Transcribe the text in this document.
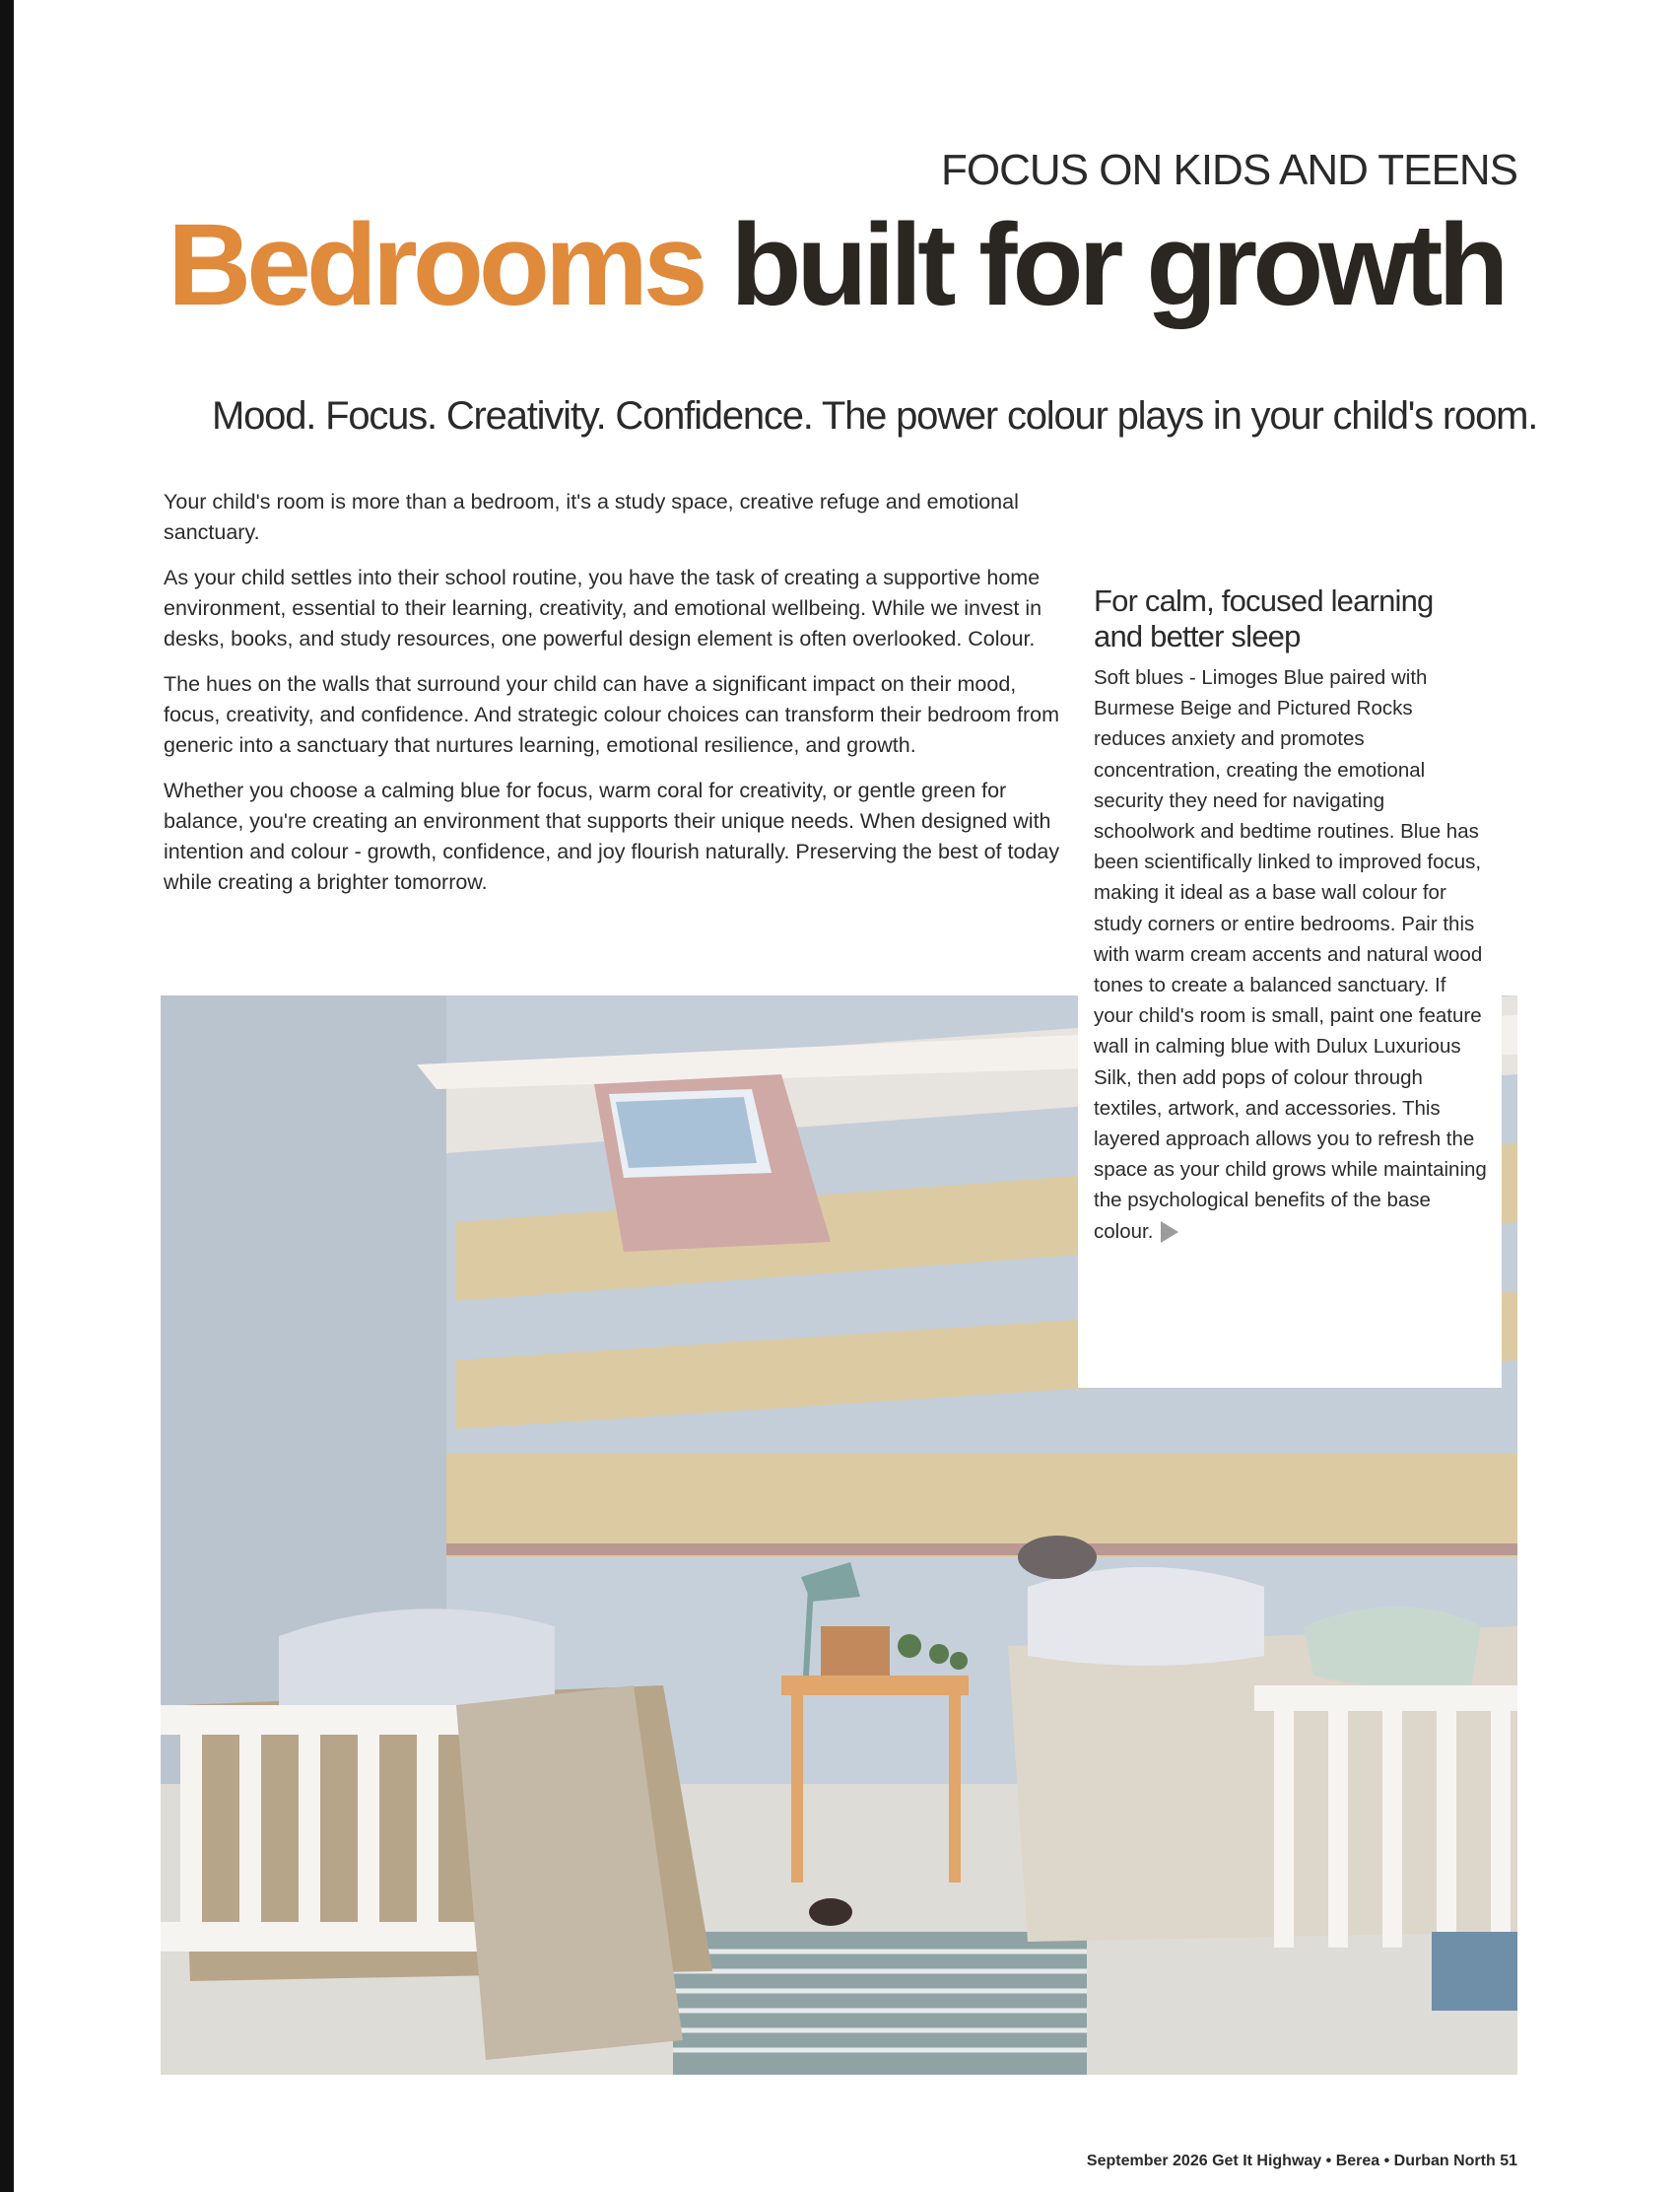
FOCUS ON KIDS AND TEENS
Bedrooms built for growth

Mood. Focus. Creativity. Confidence. The power colour plays in your child's room.

Your child's room is more than a bedroom, it's a study space, creative refuge and emotional sanctuary.

As your child settles into their school routine, you have the task of creating a supportive home environment, essential to their learning, creativity, and emotional wellbeing. While we invest in desks, books, and study resources, one powerful design element is often overlooked. Colour.

The hues on the walls that surround your child can have a significant impact on their mood, focus, creativity, and confidence. And strategic colour choices can transform their bedroom from generic into a sanctuary that nurtures learning, emotional resilience, and growth.

Whether you choose a calming blue for focus, warm coral for creativity, or gentle green for balance, you're creating an environment that supports their unique needs. When designed with intention and colour - growth, confidence, and joy flourish naturally. Preserving the best of today while creating a brighter tomorrow.

For calm, focused learning
and better sleep

Soft blues - Limoges Blue paired with Burmese Beige and Pictured Rocks reduces anxiety and promotes concentration, creating the emotional security they need for navigating schoolwork and bedtime routines. Blue has been scientifically linked to improved focus, making it ideal as a base wall colour for study corners or entire bedrooms. Pair this with warm cream accents and natural wood tones to create a balanced sanctuary. If your child's room is small, paint one feature wall in calming blue with Dulux Luxurious Silk, then add pops of colour through textiles, artwork, and accessories. This layered approach allows you to refresh the space as your child grows while maintaining the psychological benefits of the base colour.

September 2026 Get It Highway • Berea • Durban North 51
